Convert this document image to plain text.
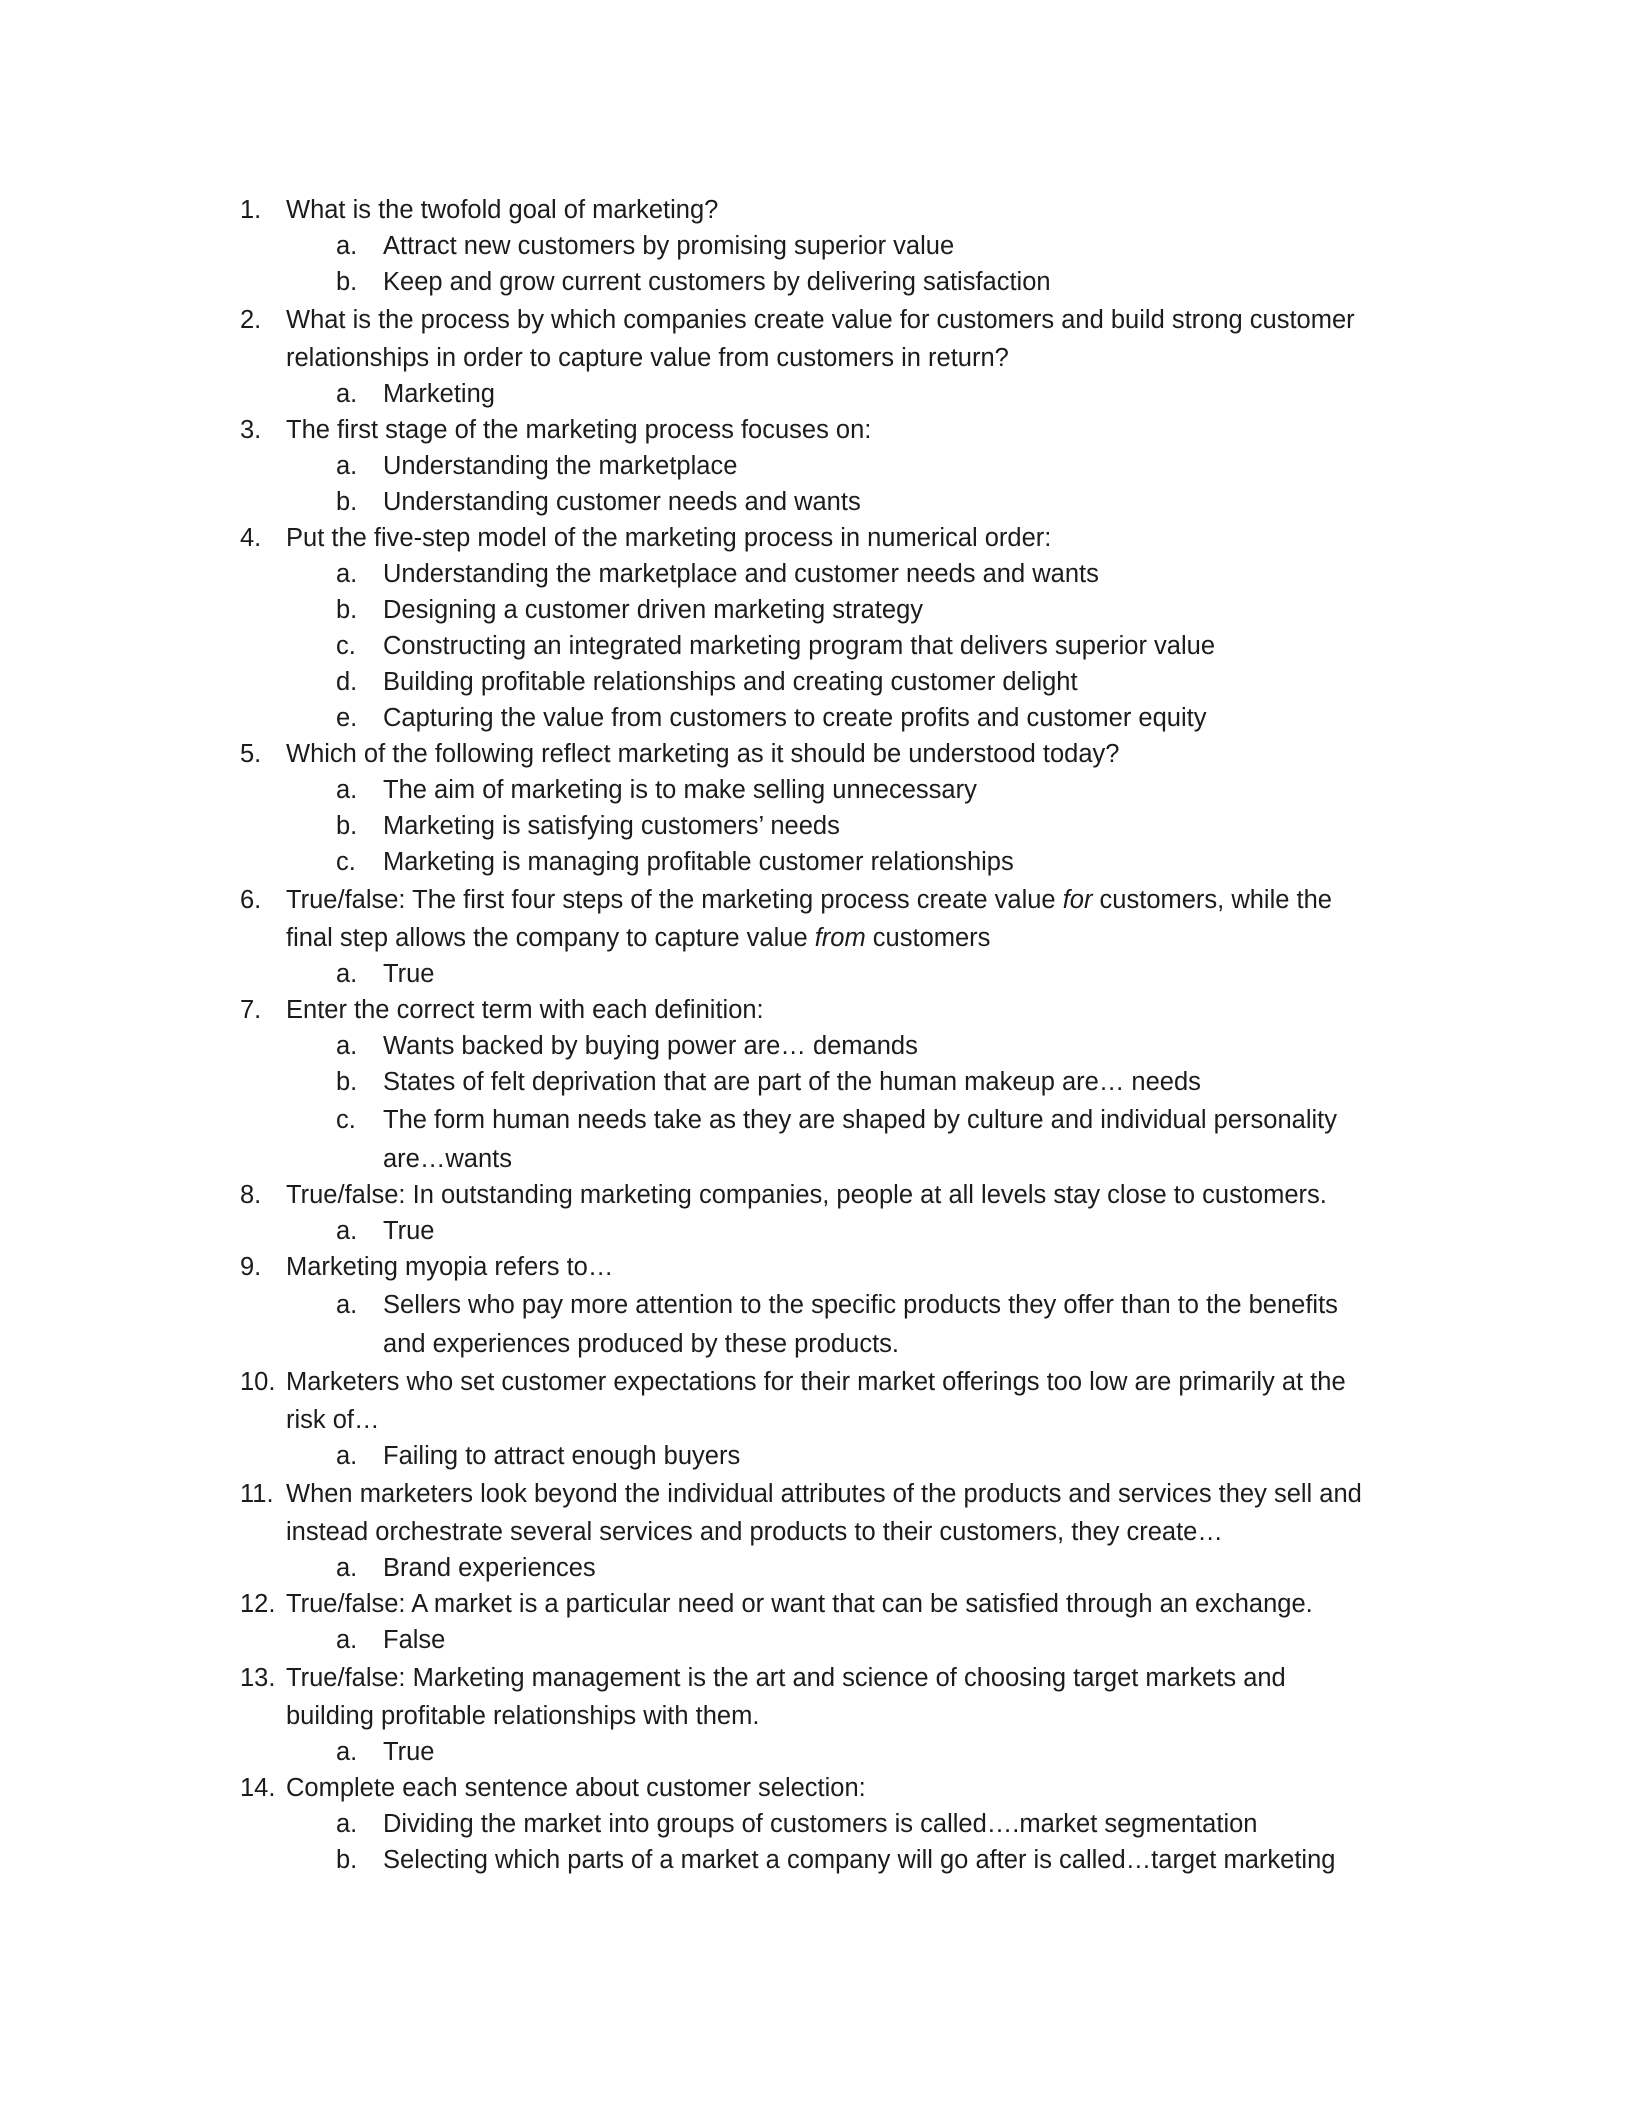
1. What is the twofold goal of marketing?
a. Attract new customers by promising superior value
b. Keep and grow current customers by delivering satisfaction
2. What is the process by which companies create value for customers and build strong customer
relationships in order to capture value from customers in return?
a. Marketing
3. The first stage of the marketing process focuses on:
a. Understanding the marketplace
b. Understanding customer needs and wants
4. Put the five-step model of the marketing process in numerical order:
a. Understanding the marketplace and customer needs and wants
b. Designing a customer driven marketing strategy
c. Constructing an integrated marketing program that delivers superior value
d. Building profitable relationships and creating customer delight
e. Capturing the value from customers to create profits and customer equity
5. Which of the following reflect marketing as it should be understood today?
a. The aim of marketing is to make selling unnecessary
b. Marketing is satisfying customers’ needs
c. Marketing is managing profitable customer relationships
6. True/false: The first four steps of the marketing process create value for customers, while the
final step allows the company to capture value from customers
a. True
7. Enter the correct term with each definition:
a. Wants backed by buying power are… demands
b. States of felt deprivation that are part of the human makeup are… needs
c. The form human needs take as they are shaped by culture and individual personality
are…wants
8. True/false: In outstanding marketing companies, people at all levels stay close to customers.
a. True
9. Marketing myopia refers to…
a. Sellers who pay more attention to the specific products they offer than to the benefits
and experiences produced by these products.
10. Marketers who set customer expectations for their market offerings too low are primarily at the
risk of…
a. Failing to attract enough buyers
11. When marketers look beyond the individual attributes of the products and services they sell and
instead orchestrate several services and products to their customers, they create…
a. Brand experiences
12. True/false: A market is a particular need or want that can be satisfied through an exchange.
a. False
13. True/false: Marketing management is the art and science of choosing target markets and
building profitable relationships with them.
a. True
14. Complete each sentence about customer selection:
a. Dividing the market into groups of customers is called….market segmentation
b. Selecting which parts of a market a company will go after is called…target marketing
